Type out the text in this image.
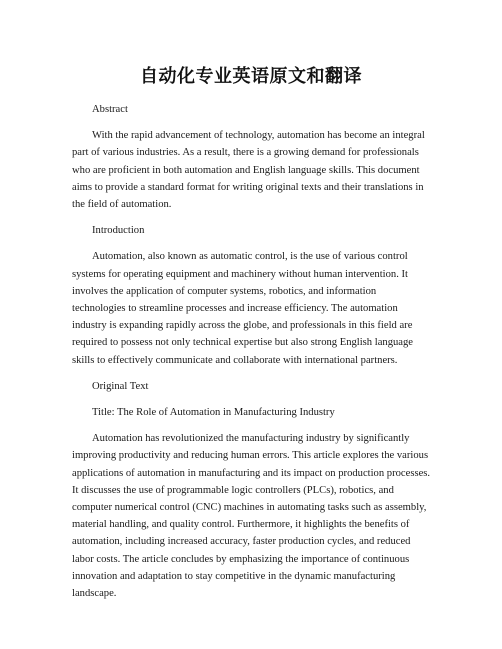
自动化专业英语原文和翻译
Abstract
With the rapid advancement of technology, automation has become an integral part of various industries. As a result, there is a growing demand for professionals who are proficient in both automation and English language skills. This document aims to provide a standard format for writing original texts and their translations in the field of automation.
Introduction
Automation, also known as automatic control, is the use of various control systems for operating equipment and machinery without human intervention. It involves the application of computer systems, robotics, and information technologies to streamline processes and increase efficiency. The automation industry is expanding rapidly across the globe, and professionals in this field are required to possess not only technical expertise but also strong English language skills to effectively communicate and collaborate with international partners.
Original Text
Title: The Role of Automation in Manufacturing Industry
Automation has revolutionized the manufacturing industry by significantly improving productivity and reducing human errors. This article explores the various applications of automation in manufacturing and its impact on production processes. It discusses the use of programmable logic controllers (PLCs), robotics, and computer numerical control (CNC) machines in automating tasks such as assembly, material handling, and quality control. Furthermore, it highlights the benefits of automation, including increased accuracy, faster production cycles, and reduced labor costs. The article concludes by emphasizing the importance of continuous innovation and adaptation to stay competitive in the dynamic manufacturing landscape.
